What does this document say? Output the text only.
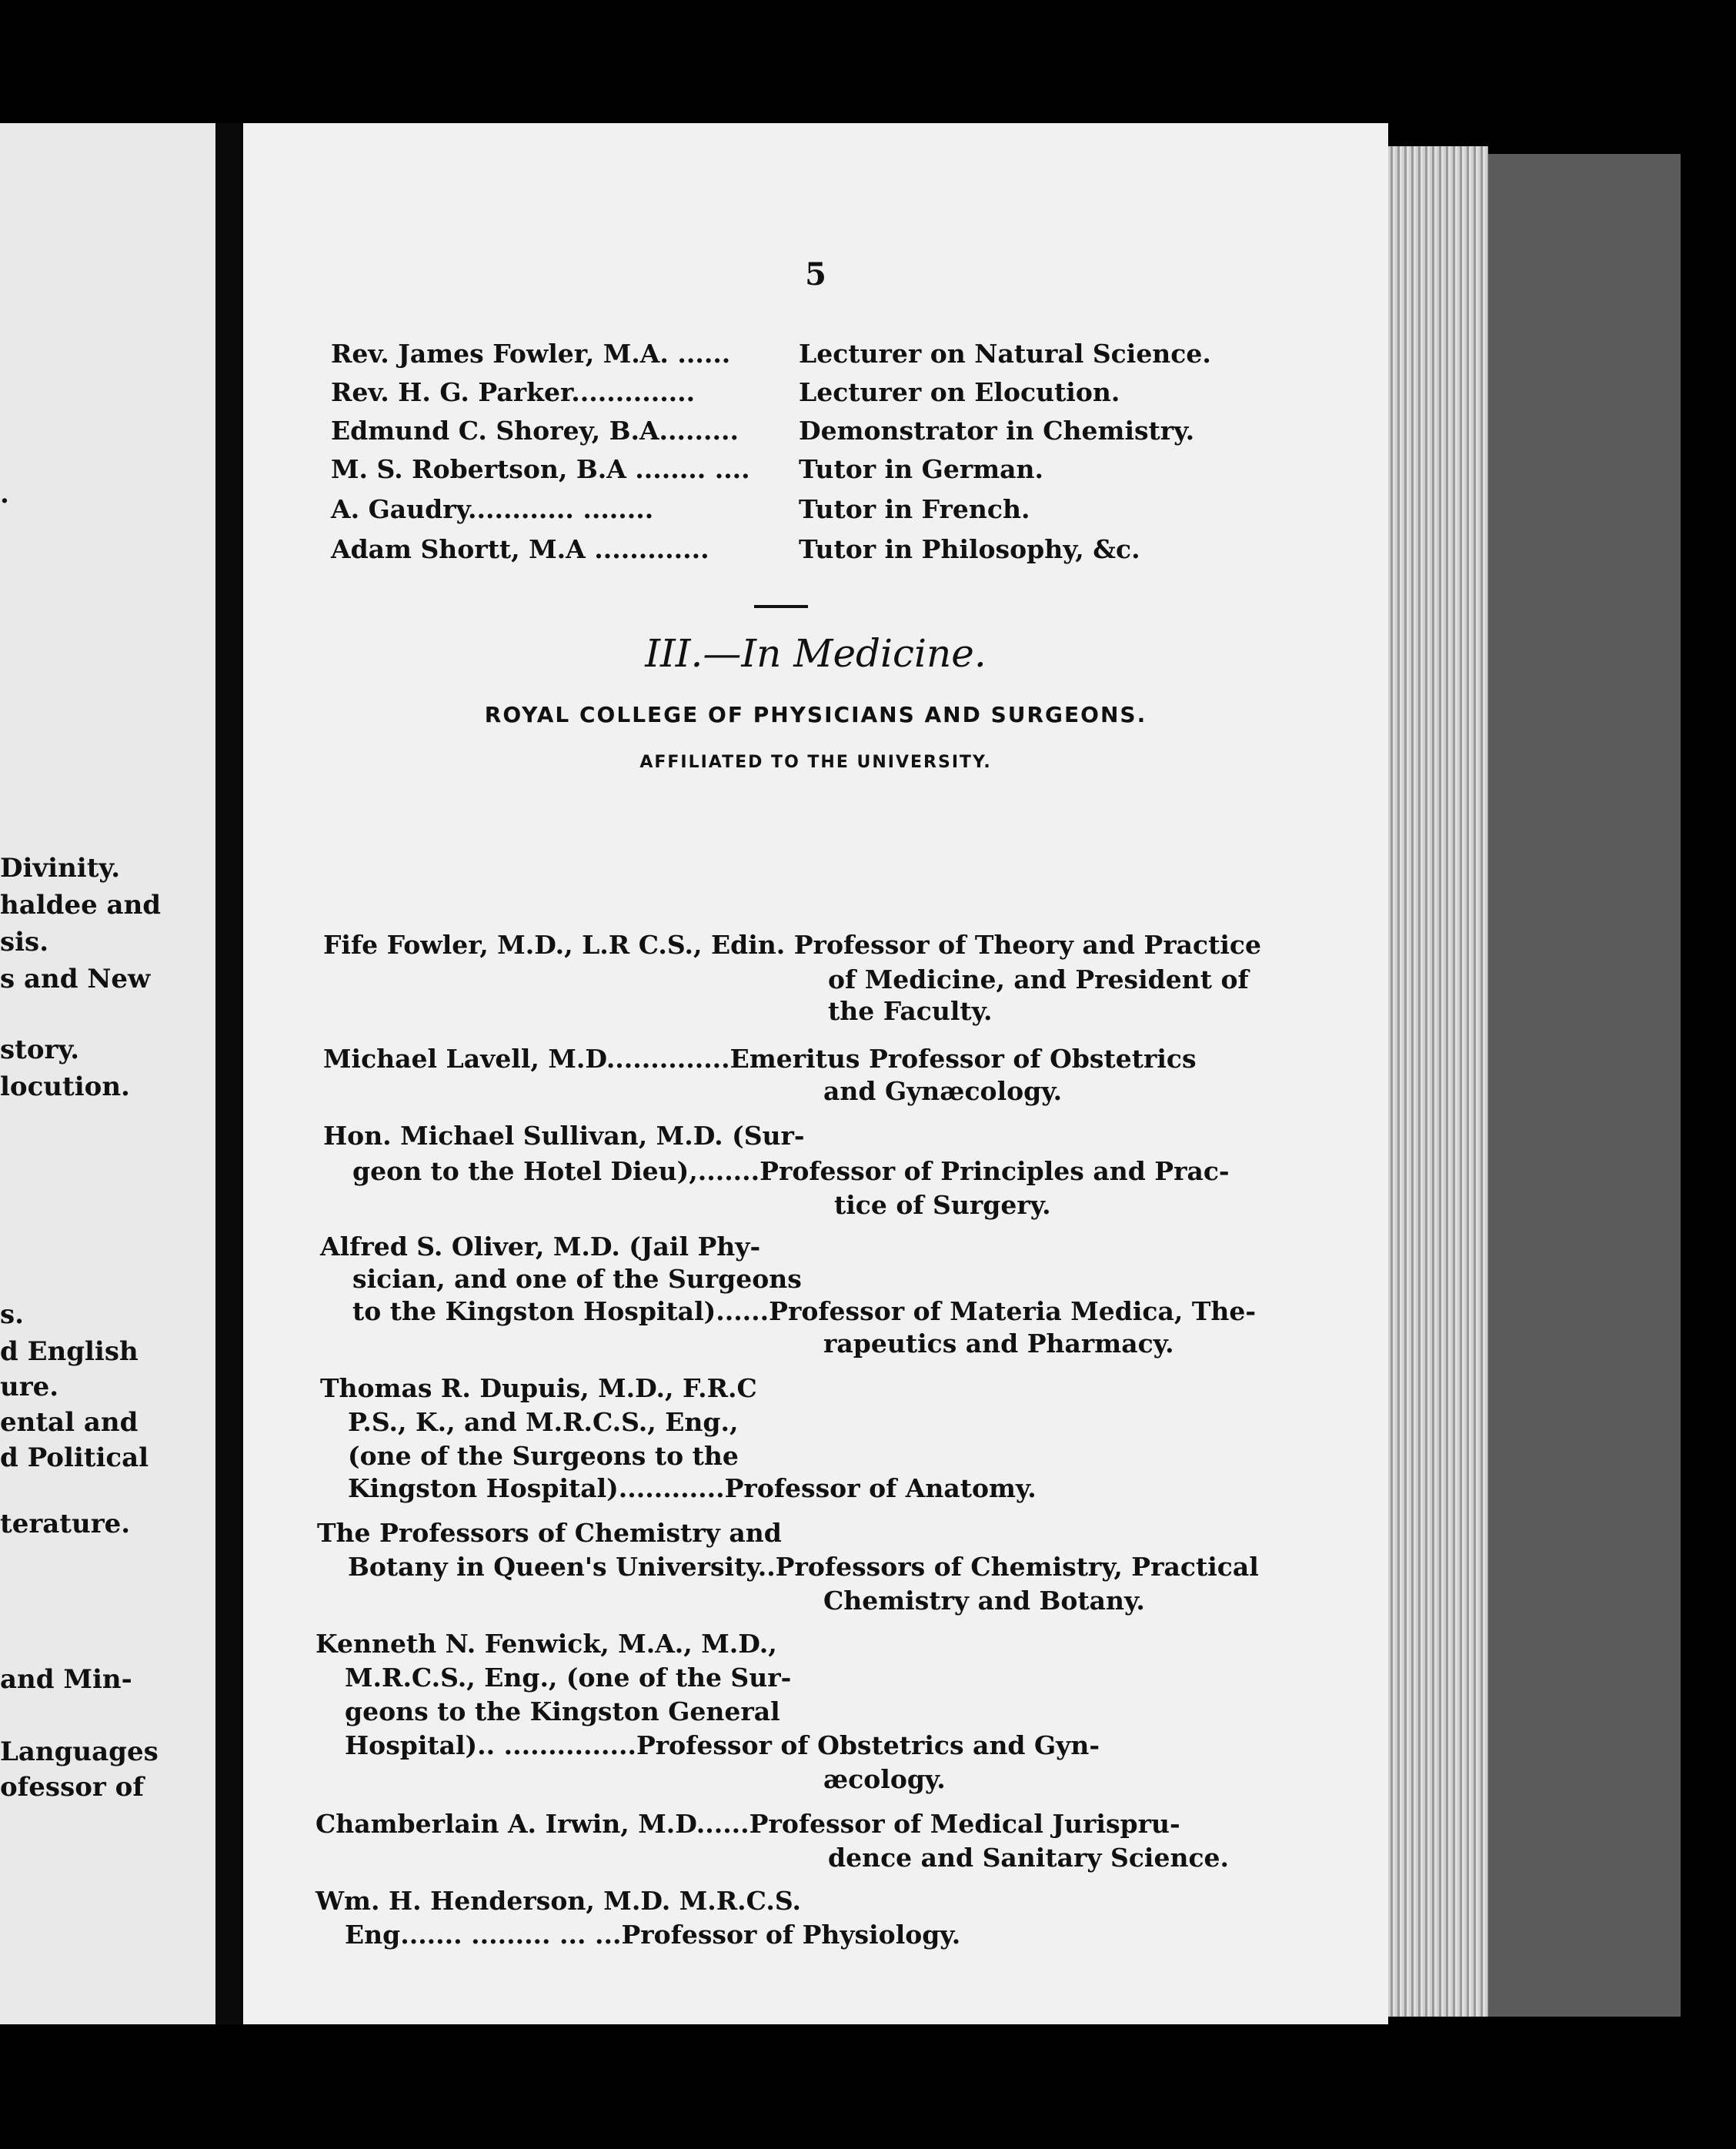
.
Divinity.
haldee and
sis.
s and New
story.
locution.
s.
d English
ure.
ental and
d Political
terature.
and Min-
Languages
ofessor of
5
Rev. James Fowler, M.A. ......	Lecturer on Natural Science.
Rev. H. G. Parker..............	Lecturer on Elocution.
Edmund C. Shorey, B.A......... Demonstrator in Chemistry.
M. S. Robertson, B.A ........ .... Tutor in German.
A. Gaudry............ ........	Tutor in French.
Adam Shortt, M.A .............	Tutor in Philosophy, &c.
III.—In Medicine.
ROYAL COLLEGE OF PHYSICIANS AND SURGEONS.
AFFILIATED TO THE UNIVERSITY.
Fife Fowler, M.D., L.R C.S., Edin. Professor of Theory and Practice
of Medicine, and President of
the Faculty.
Michael Lavell, M.D..............Emeritus Professor of Obstetrics
and Gynæcology.
Hon. Michael Sullivan, M.D. (Sur-
geon to the Hotel Dieu),.......Professor of Principles and Prac-
tice of Surgery.
Alfred S. Oliver, M.D. (Jail Phy-
sician, and one of the Surgeons
to the Kingston Hospital)......Professor of Materia Medica, The-
rapeutics and Pharmacy.
Thomas R. Dupuis, M.D., F.R.C
P.S., K., and M.R.C.S., Eng.,
(one of the Surgeons to the
Kingston Hospital)............Professor of Anatomy.
The Professors of Chemistry and
Botany in Queen's University..Professors of Chemistry, Practical
Chemistry and Botany.
Kenneth N. Fenwick, M.A., M.D.,
M.R.C.S., Eng., (one of the Sur-
geons to the Kingston General
Hospital).. ...............Professor of Obstetrics and Gyn-
æcology.
Chamberlain A. Irwin, M.D......Professor of Medical Jurispru-
dence and Sanitary Science.
Wm. H. Henderson, M.D. M.R.C.S.
Eng....... ......... ... ...Professor of Physiology.
